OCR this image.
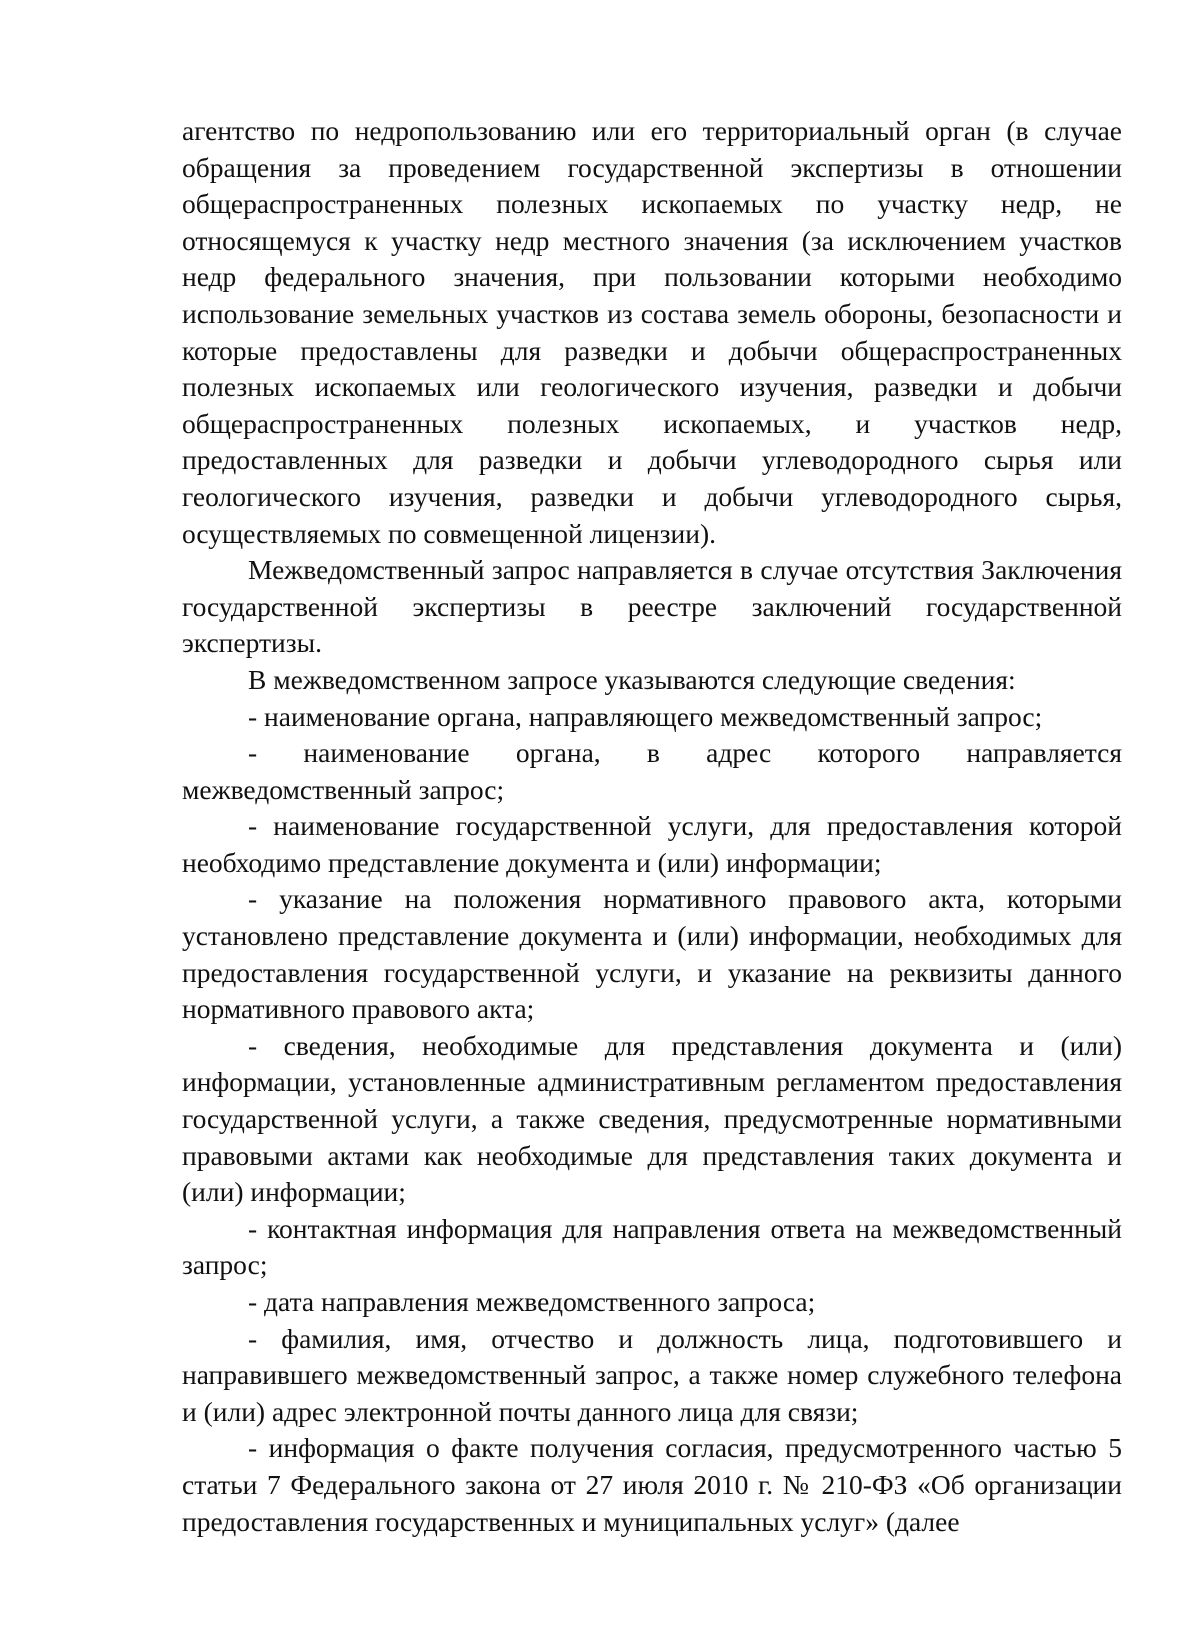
агентство по недропользованию или его территориальный орган (в случае обращения за проведением государственной экспертизы в отношении общераспространенных полезных ископаемых по участку недр, не относящемуся к участку недр местного значения (за исключением участков недр федерального значения, при пользовании которыми необходимо использование земельных участков из состава земель обороны, безопасности и которые предоставлены для разведки и добычи общераспространенных полезных ископаемых или геологического изучения, разведки и добычи общераспространенных полезных ископаемых, и участков недр, предоставленных для разведки и добычи углеводородного сырья или геологического изучения, разведки и добычи углеводородного сырья, осуществляемых по совмещенной лицензии).

Межведомственный запрос направляется в случае отсутствия Заключения государственной экспертизы в реестре заключений государственной экспертизы.

В межведомственном запросе указываются следующие сведения:

- наименование органа, направляющего межведомственный запрос;

- наименование органа, в адрес которого направляется межведомственный запрос;

- наименование государственной услуги, для предоставления которой необходимо представление документа и (или) информации;

- указание на положения нормативного правового акта, которыми установлено представление документа и (или) информации, необходимых для предоставления государственной услуги, и указание на реквизиты данного нормативного правового акта;

- сведения, необходимые для представления документа и (или) информации, установленные административным регламентом предоставления государственной услуги, а также сведения, предусмотренные нормативными правовыми актами как необходимые для представления таких документа и (или) информации;

- контактная информация для направления ответа на межведомственный запрос;

- дата направления межведомственного запроса;

- фамилия, имя, отчество и должность лица, подготовившего и направившего межведомственный запрос, а также номер служебного телефона и (или) адрес электронной почты данного лица для связи;

- информация о факте получения согласия, предусмотренного частью 5 статьи 7 Федерального закона от 27 июля 2010 г. № 210-ФЗ «Об организации предоставления государственных и муниципальных услуг» (далее
